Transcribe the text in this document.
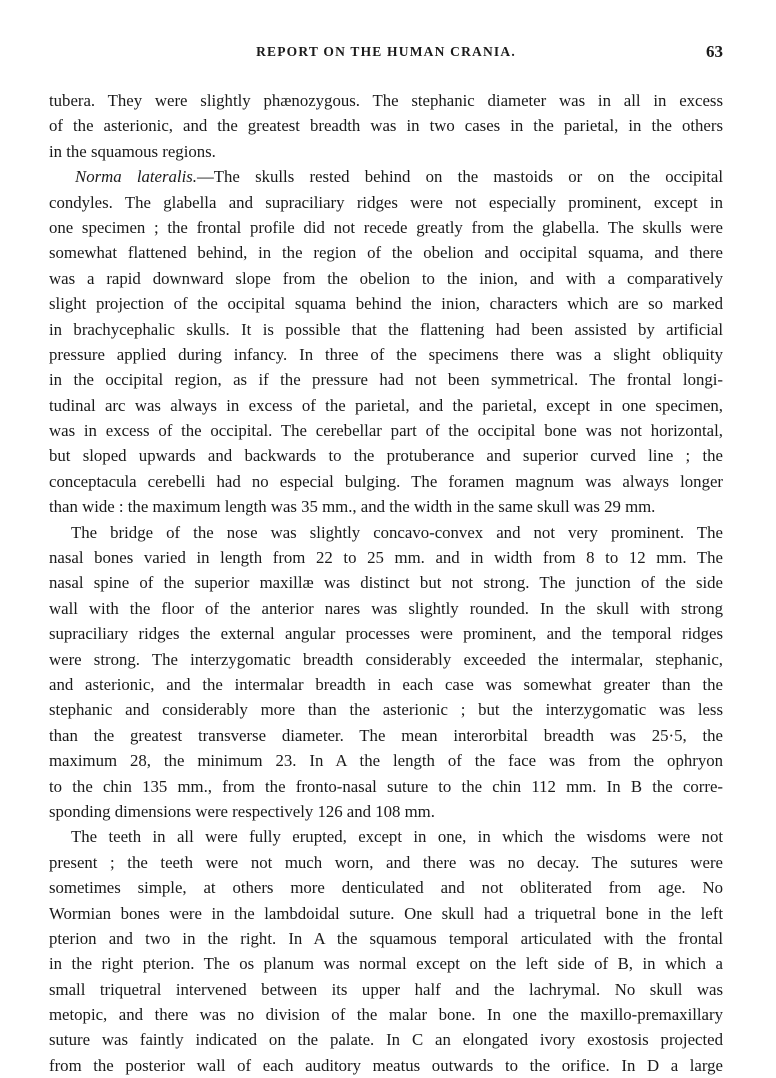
REPORT ON THE HUMAN CRANIA.	63
tubera. They were slightly phænozygous. The stephanic diameter was in all in excess
of the asterionic, and the greatest breadth was in two cases in the parietal, in the others
in the squamous regions.
Norma lateralis.—The skulls rested behind on the mastoids or on the occipital
condyles. The glabella and supraciliary ridges were not especially prominent, except in
one specimen ; the frontal profile did not recede greatly from the glabella. The skulls were
somewhat flattened behind, in the region of the obelion and occipital squama, and there
was a rapid downward slope from the obelion to the inion, and with a comparatively
slight projection of the occipital squama behind the inion, characters which are so marked
in brachycephalic skulls. It is possible that the flattening had been assisted by artificial
pressure applied during infancy. In three of the specimens there was a slight obliquity
in the occipital region, as if the pressure had not been symmetrical. The frontal longi-
tudinal arc was always in excess of the parietal, and the parietal, except in one specimen,
was in excess of the occipital. The cerebellar part of the occipital bone was not horizontal,
but sloped upwards and backwards to the protuberance and superior curved line ; the
conceptacula cerebelli had no especial bulging. The foramen magnum was always longer
than wide : the maximum length was 35 mm., and the width in the same skull was 29 mm.
The bridge of the nose was slightly concavo-convex and not very prominent. The
nasal bones varied in length from 22 to 25 mm. and in width from 8 to 12 mm. The
nasal spine of the superior maxillæ was distinct but not strong. The junction of the side
wall with the floor of the anterior nares was slightly rounded. In the skull with strong
supraciliary ridges the external angular processes were prominent, and the temporal ridges
were strong. The interzygomatic breadth considerably exceeded the intermalar, stephanic,
and asterionic, and the intermalar breadth in each case was somewhat greater than the
stephanic and considerably more than the asterionic ; but the interzygomatic was less
than the greatest transverse diameter. The mean interorbital breadth was 25·5, the
maximum 28, the minimum 23. In A the length of the face was from the ophryon
to the chin 135 mm., from the fronto-nasal suture to the chin 112 mm. In B the corre-
sponding dimensions were respectively 126 and 108 mm.
The teeth in all were fully erupted, except in one, in which the wisdoms were not
present ; the teeth were not much worn, and there was no decay. The sutures were
sometimes simple, at others more denticulated and not obliterated from age. No
Wormian bones were in the lambdoidal suture. One skull had a triquetral bone in the left
pterion and two in the right. In A the squamous temporal articulated with the frontal
in the right pterion. The os planum was normal except on the left side of B, in which a
small triquetral intervened between its upper half and the lachrymal. No skull was
metopic, and there was no division of the malar bone. In one the maxillo-premaxillary
suture was faintly indicated on the palate. In C an elongated ivory exostosis projected
from the posterior wall of each auditory meatus outwards to the orifice. In D a large
